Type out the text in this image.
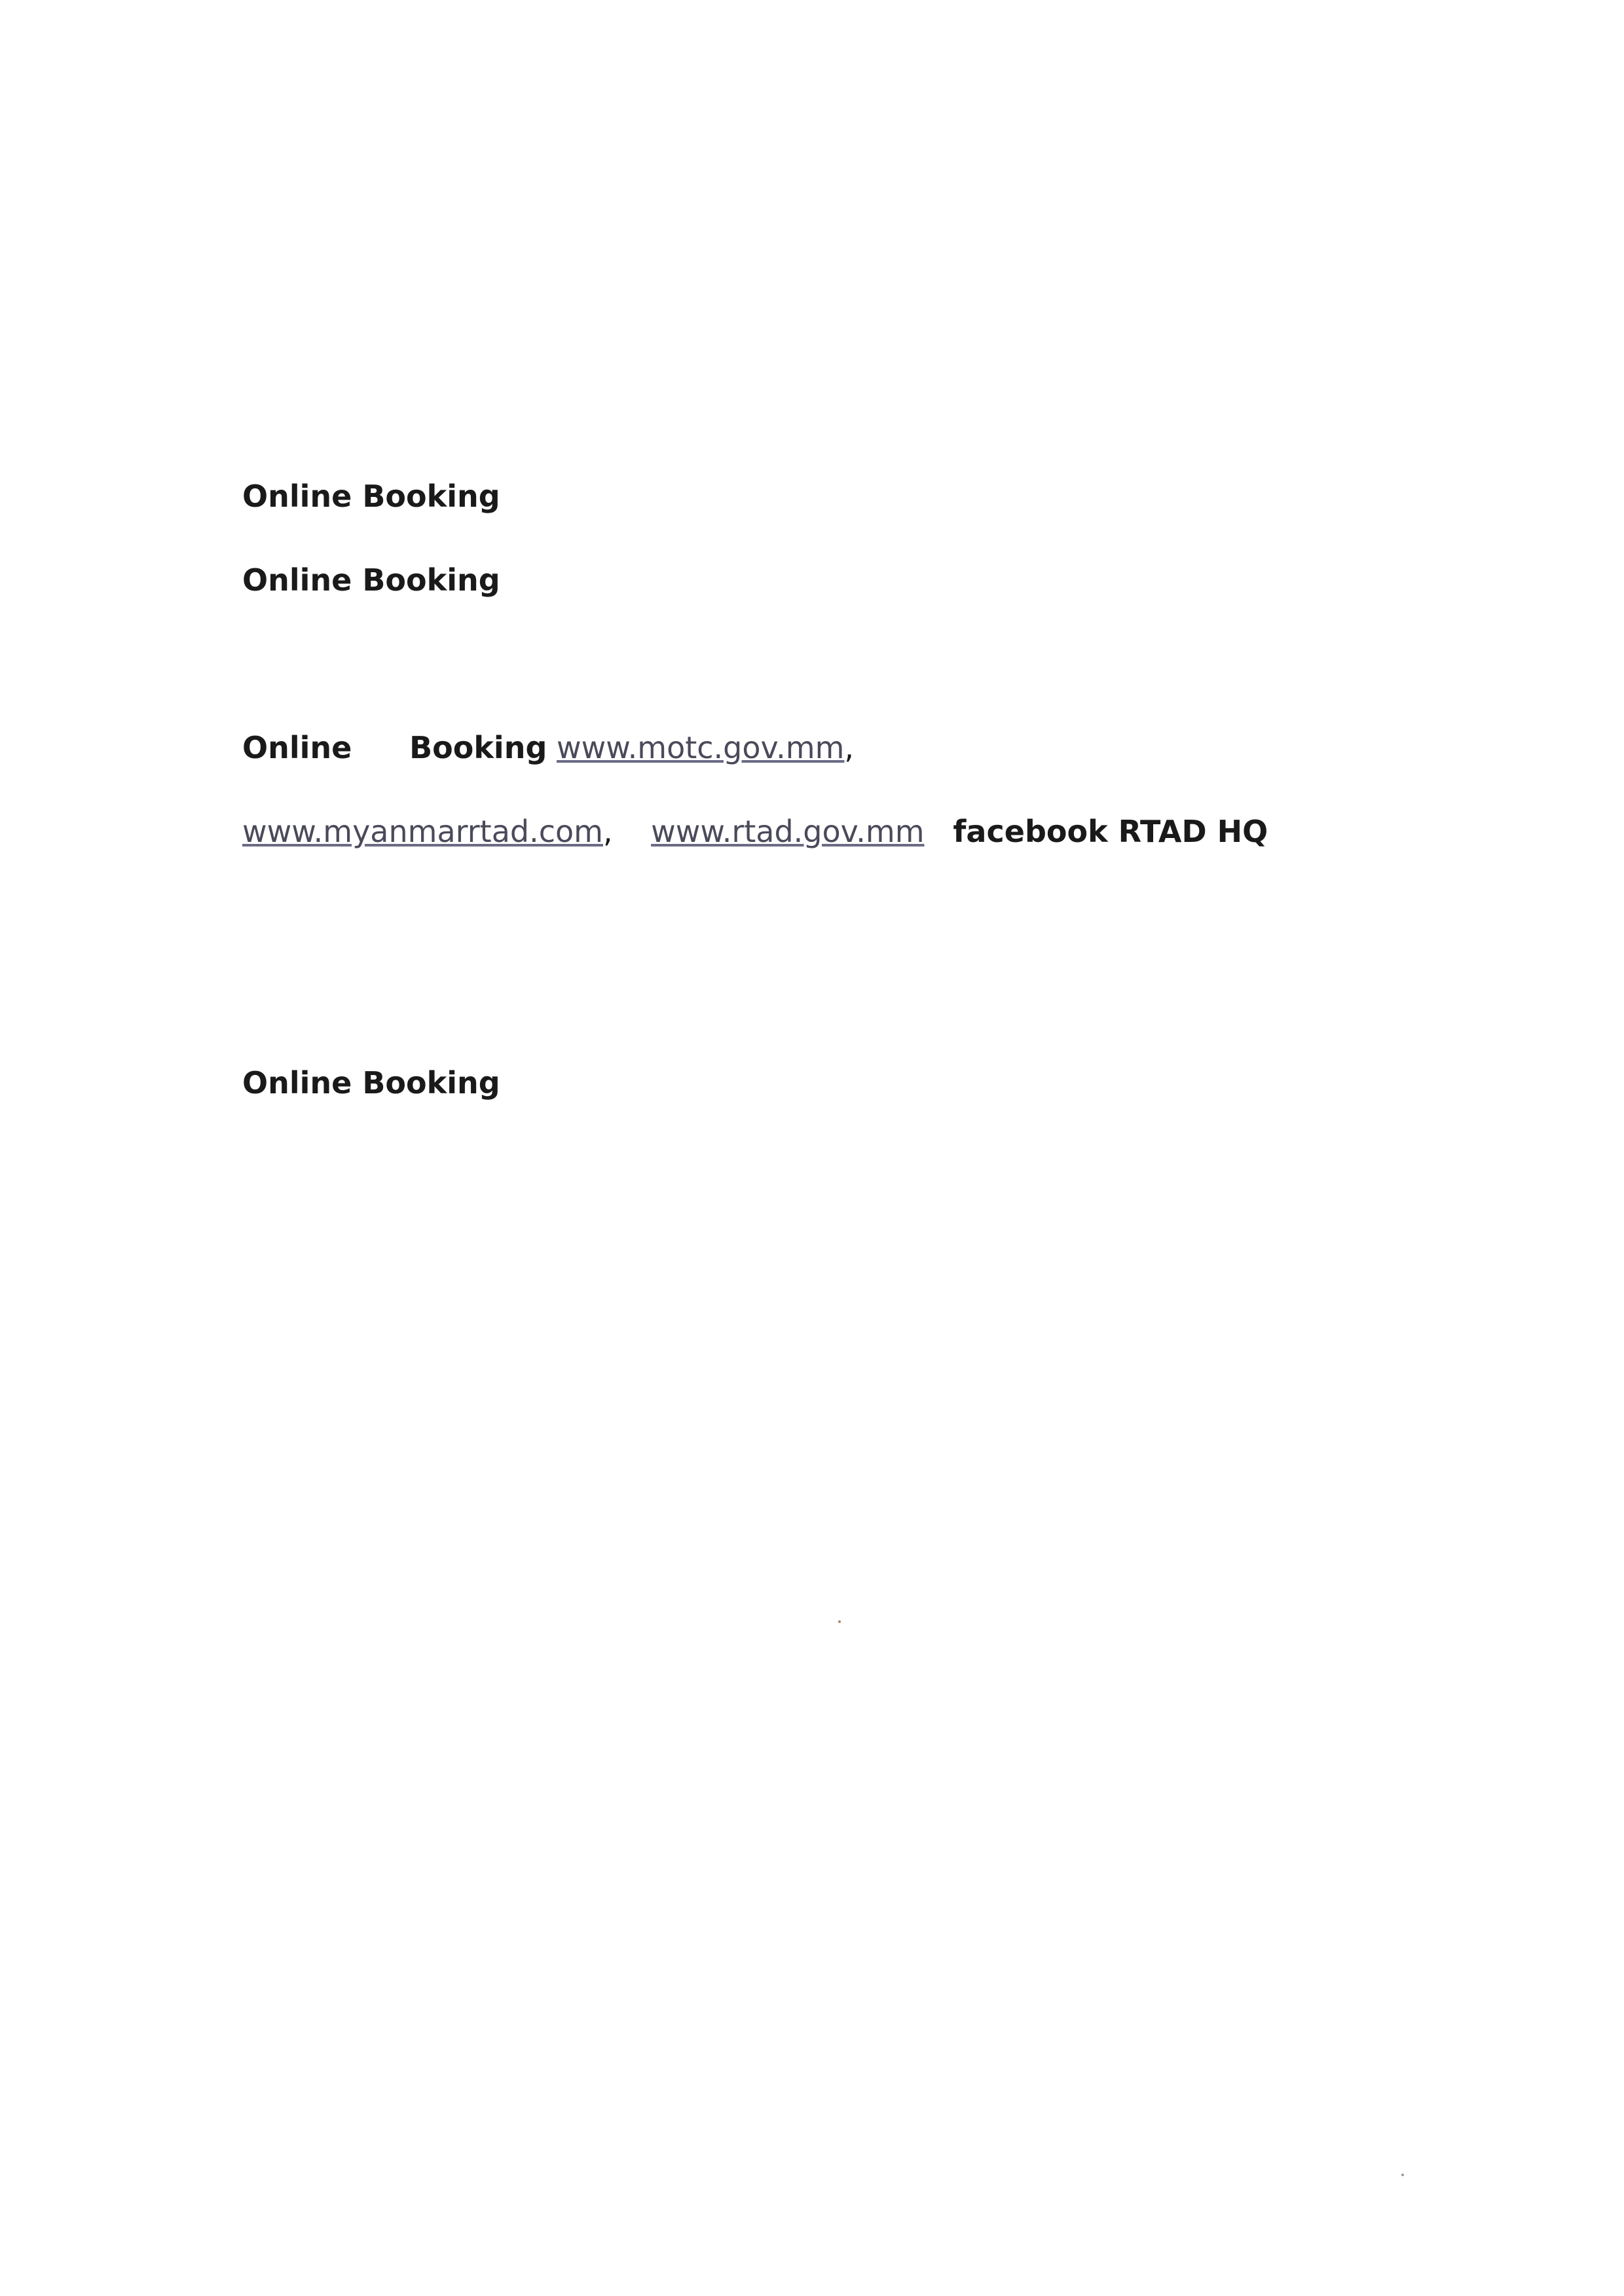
Online Booking
Online Booking
Online Booking www.motc.gov.mm,
www.myanmarrtad.com, www.rtad.gov.mm facebook RTAD HQ
Online Booking
